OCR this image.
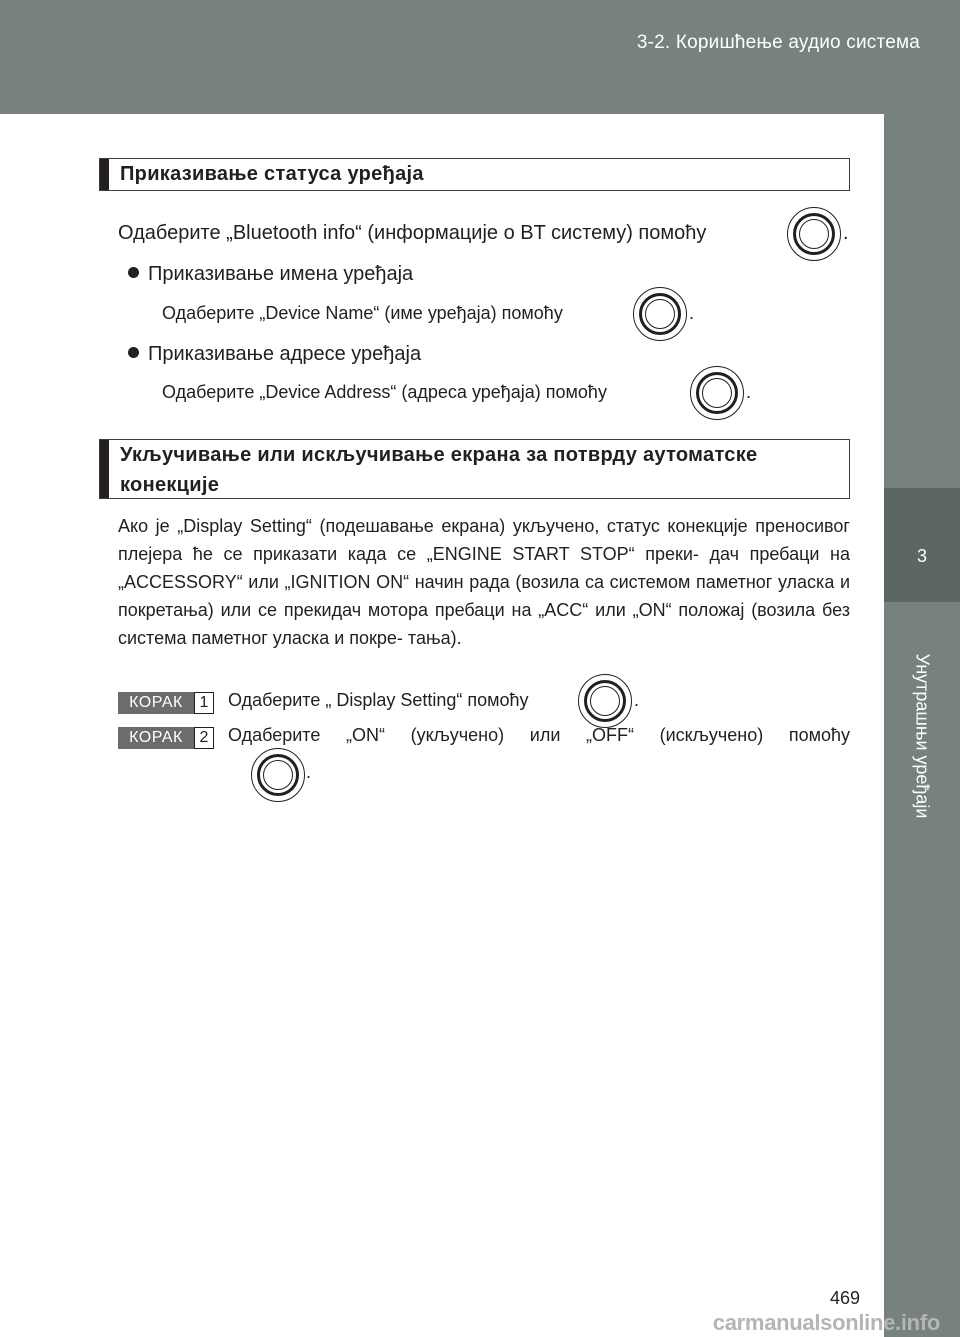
3-2. Коришћење аудио система
3
Унутрашњи уређаји
Приказивање статуса уређаја
Одаберите „Bluetooth info“ (информације о BT систему) помоћу	.
Приказивање имена уређаја
Одаберите „Device Name“ (име уређаја) помоћу	.
Приказивање адресе уређаја
Одаберите „Device Address“ (адреса уређаја) помоћу	.
Укључивање или искључивање екрана за потврду аутоматске
конекције
Ако је „Display Setting“ (подешавање екрана) укључено, статус конекције преносивог плејера ће се приказати када се „ENGINE START STOP“ преки- дач пребаци на „ACCESSORY“ или „IGNITION ON“ начин рада (возила са системом паметног уласка и покретања) или се прекидач мотора пребаци на „ACC“ или „ON“ положај (возила без система паметног уласка и покре- тања).
КОРАК	1	Одаберите „ Display Setting“ помоћу	.
КОРАК	2	Одаберите „ON“ (укључено) или „OFF“ (искључено) помоћу
.
469
carmanualsonline.info
